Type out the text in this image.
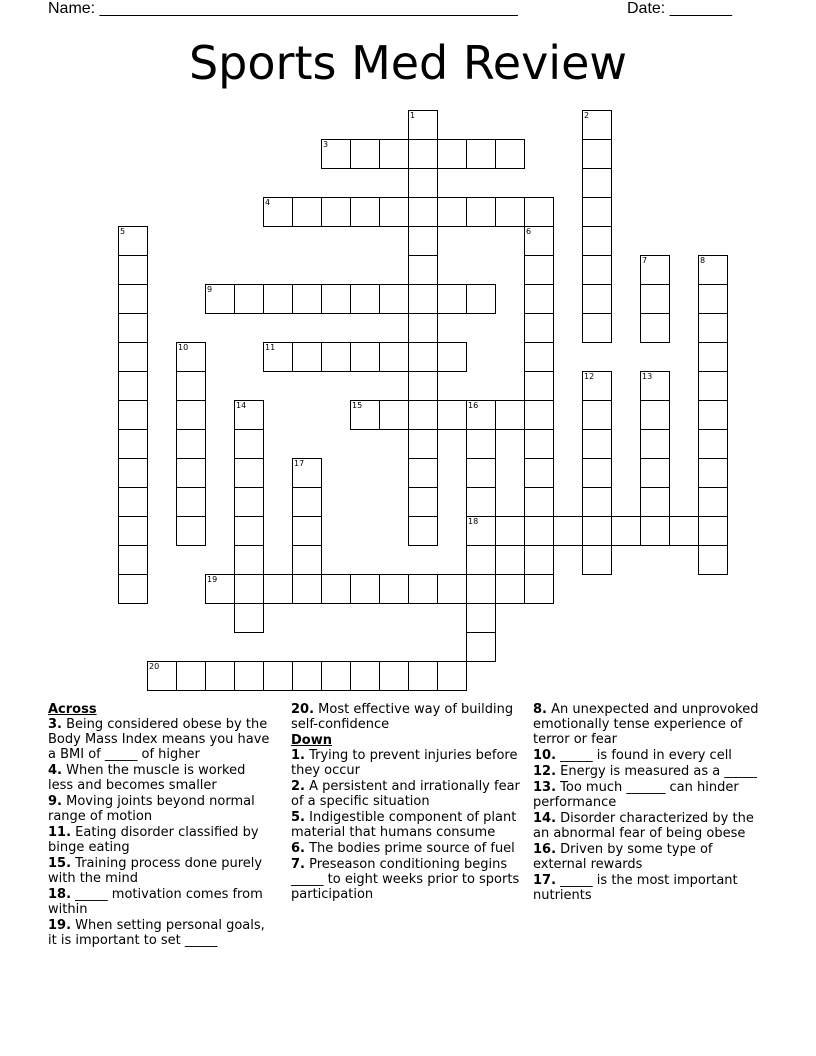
Name: _______________________________________________	Date: _______
Sports Med Review
3
4
9
11
15
18
19
20
1	2
5	6
7	8
10
12	13
14	16
17
Across
3. Being considered obese by the Body Mass Index means you have a BMI of _____ of higher
4. When the muscle is worked less and becomes smaller
9. Moving joints beyond normal range of motion
11. Eating disorder classified by binge eating
15. Training process done purely with the mind
18. _____ motivation comes from within
19. When setting personal goals, it is important to set _____
20. Most effective way of building self-confidence
Down
1. Trying to prevent injuries before they occur
2. A persistent and irrationally fear of a specific situation
5. Indigestible component of plant material that humans consume
6. The bodies prime source of fuel
7. Preseason conditioning begins _____ to eight weeks prior to sports participation
8. An unexpected and unprovoked emotionally tense experience of terror or fear
10. _____ is found in every cell
12. Energy is measured as a _____
13. Too much ______ can hinder performance
14. Disorder characterized by the an abnormal fear of being obese
16. Driven by some type of external rewards
17. _____ is the most important nutrients
